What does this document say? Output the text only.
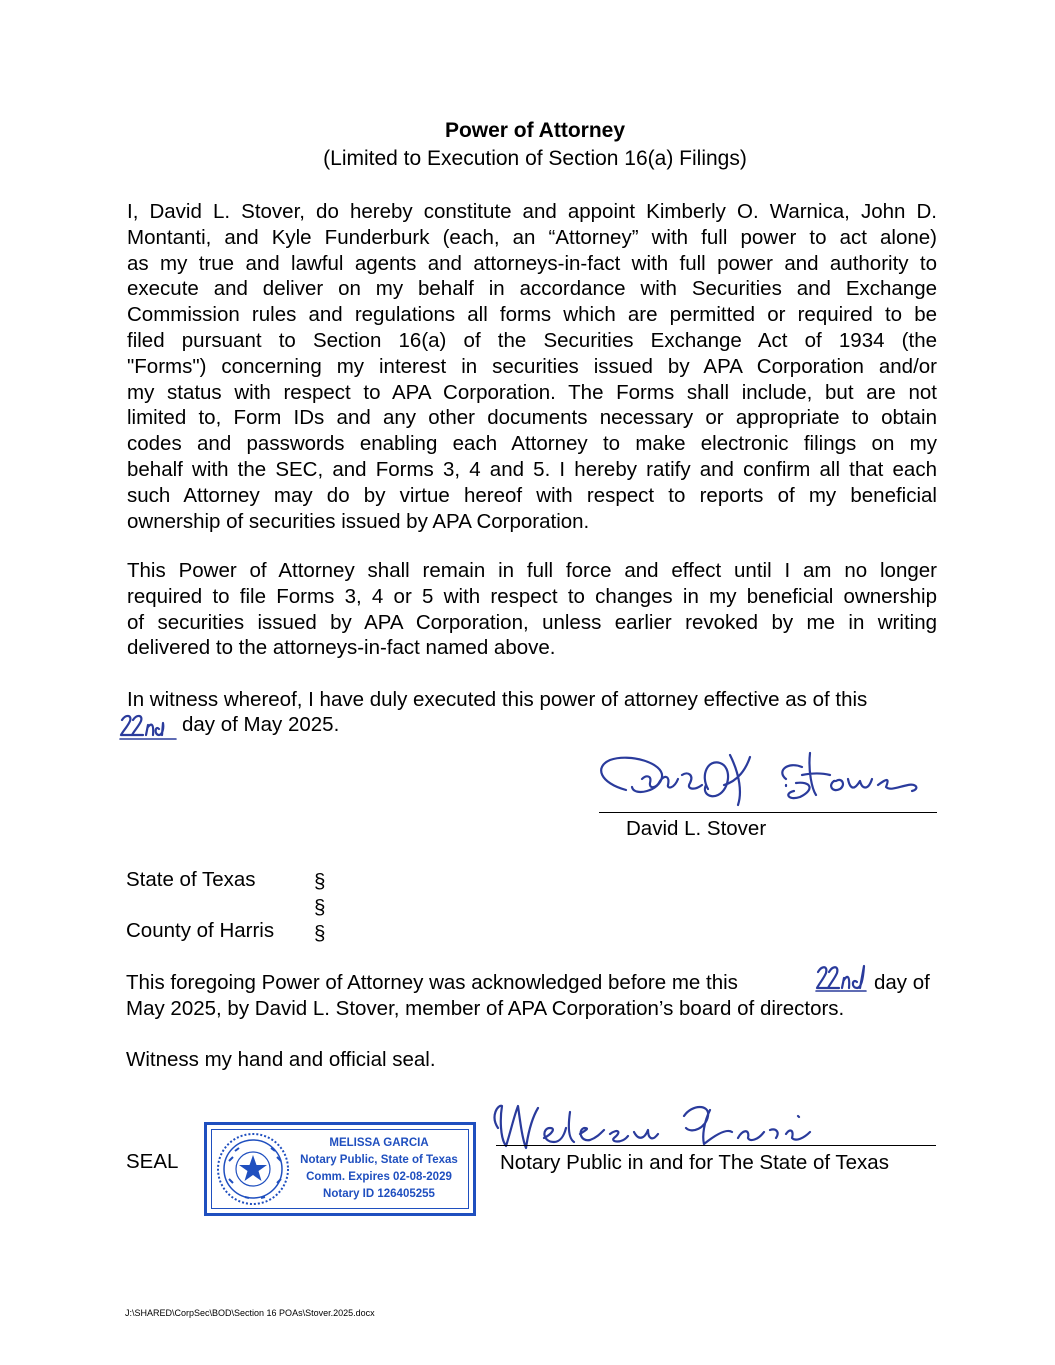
Power of Attorney
(Limited to Execution of Section 16(a) Filings)
I, David L. Stover, do hereby constitute and appoint Kimberly O. Warnica, John D.
Montanti, and Kyle Funderburk (each, an “Attorney” with full power to act alone)
as my true and lawful agents and attorneys-in-fact with full power and authority to
execute and deliver on my behalf in accordance with Securities and Exchange
Commission rules and regulations all forms which are permitted or required to be
filed pursuant to Section 16(a) of the Securities Exchange Act of 1934 (the
"Forms") concerning my interest in securities issued by APA Corporation and/or
my status with respect to APA Corporation. The Forms shall include, but are not
limited to, Form IDs and any other documents necessary or appropriate to obtain
codes and passwords enabling each Attorney to make electronic filings on my
behalf with the SEC, and Forms 3, 4 and 5. I hereby ratify and confirm all that each
such Attorney may do by virtue hereof with respect to reports of my beneficial
ownership of securities issued by APA Corporation.
This Power of Attorney shall remain in full force and effect until I am no longer
required to file Forms 3, 4 or 5 with respect to changes in my beneficial ownership
of securities issued by APA Corporation, unless earlier revoked by me in writing
delivered to the attorneys-in-fact named above.
In witness whereof, I have duly executed this power of attorney effective as of this
day of May 2025.
David L. Stover
State of Texas
County of Harris
§
§
§
This foregoing Power of Attorney was acknowledged before me this	day of
May 2025, by David L. Stover, member of APA Corporation’s board of directors.
Witness my hand and official seal.
SEAL
MELISSA GARCIA
Notary Public, State of Texas
Comm. Expires 02-08-2029
Notary ID 126405255
Notary Public in and for The State of Texas
J:\SHARED\CorpSec\BOD\Section 16 POAs\Stover.2025.docx
